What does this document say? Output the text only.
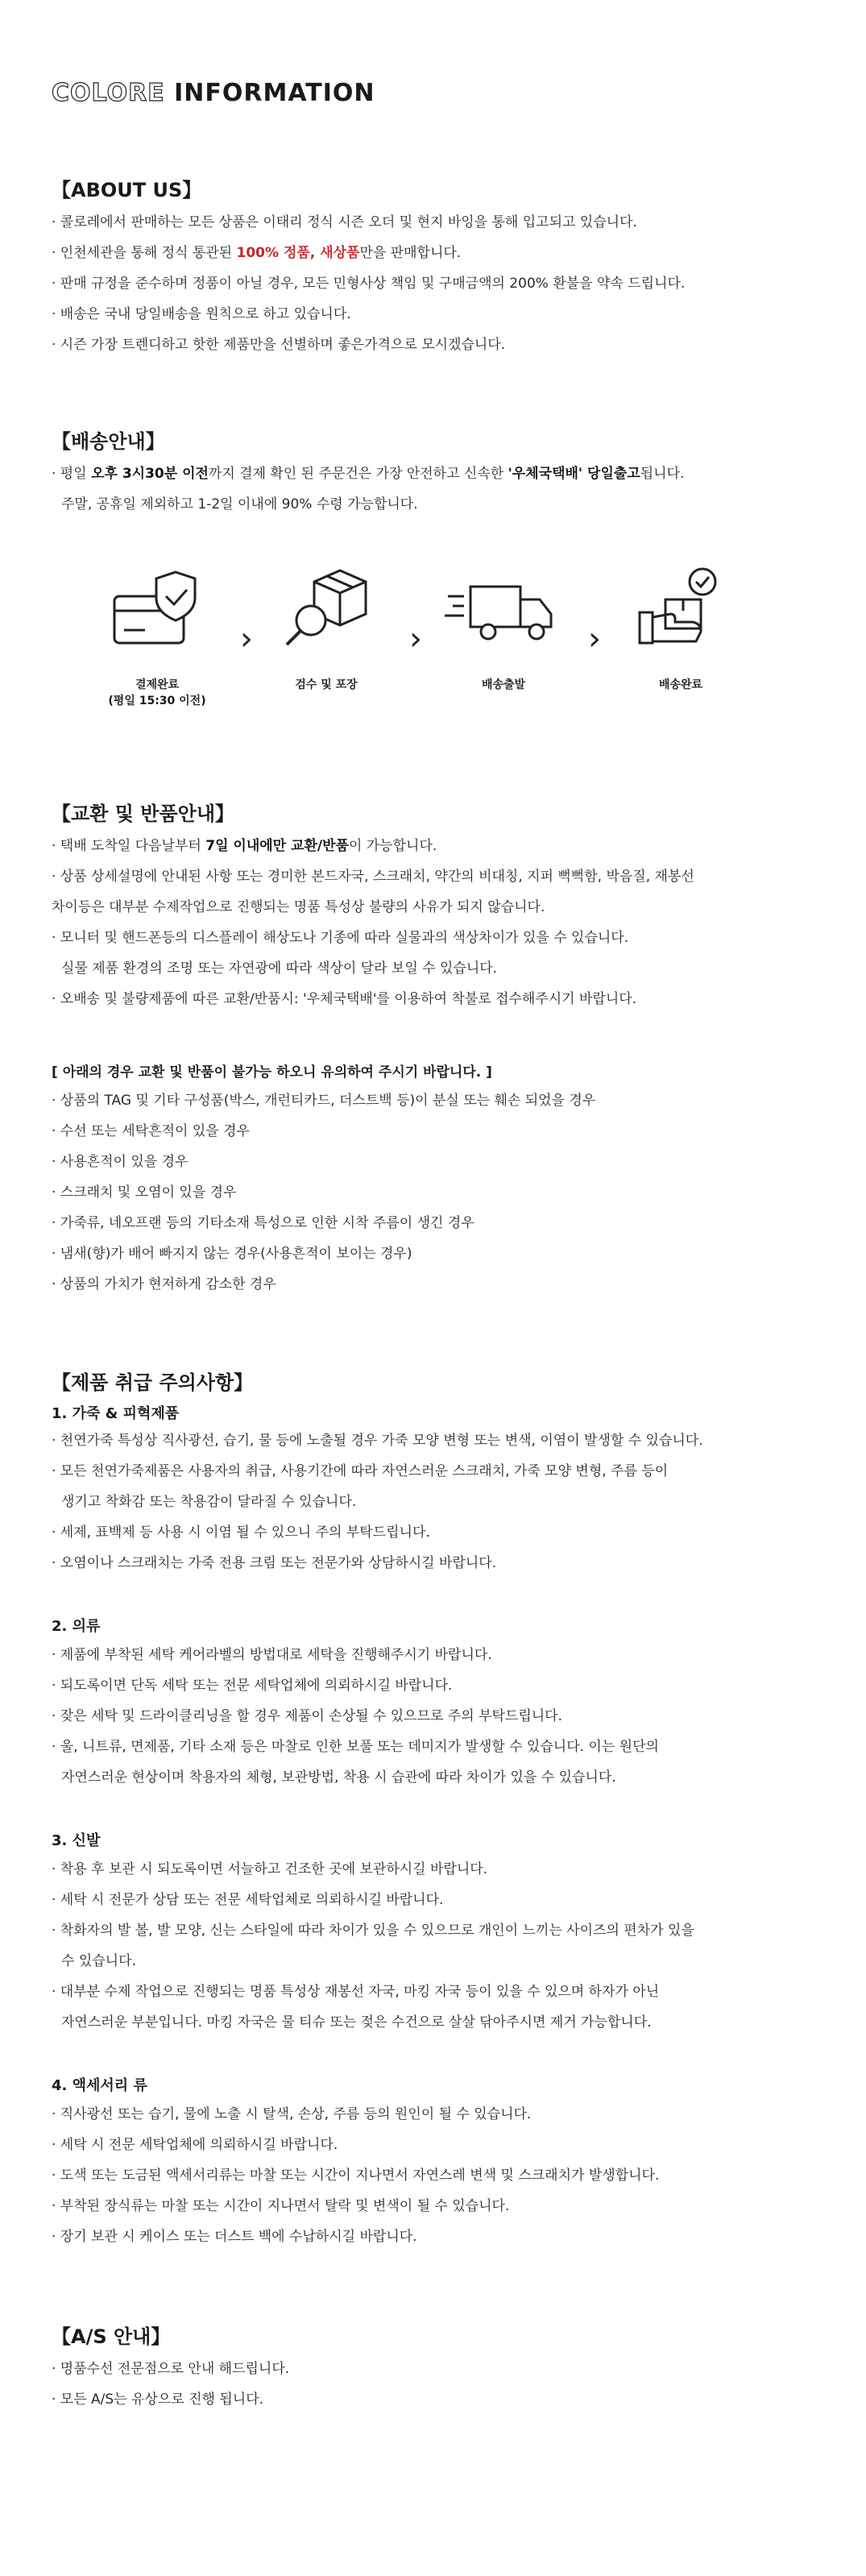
COLORE INFORMATION
【ABOUT US】
· 콜로레에서 판매하는 모든 상품은 이태리 정식 시즌 오더 및 현지 바잉을 통해 입고되고 있습니다.
· 인천세관을 통해 정식 통관된 100% 정품, 새상품만을 판매합니다.
· 판매 규정을 준수하며 정품이 아닐 경우, 모든 민형사상 책임 및 구매금액의 200% 환불을 약속 드립니다.
· 배송은 국내 당일배송을 원칙으로 하고 있습니다.
· 시즌 가장 트렌디하고 핫한 제품만을 선별하며 좋은가격으로 모시겠습니다.
【배송안내】
· 평일 오후 3시30분 이전까지 결제 확인 된 주문건은 가장 안전하고 신속한 '우체국택배' 당일출고됩니다.
주말, 공휴일 제외하고 1-2일 이내에 90% 수령 가능합니다.
결제완료
(평일 15:30 이전)
›
검수 및 포장
›
배송출발
›
배송완료
【교환 및 반품안내】
· 택배 도착일 다음날부터 7일 이내에만 교환/반품이 가능합니다.
· 상품 상세설명에 안내된 사항 또는 경미한 본드자국, 스크래치, 약간의 비대칭, 지퍼 뻑뻑함, 박음질, 재봉선
차이등은 대부분 수제작업으로 진행되는 명품 특성상 불량의 사유가 되지 않습니다.
· 모니터 및 핸드폰등의 디스플레이 해상도나 기종에 따라 실물과의 색상차이가 있을 수 있습니다.
실물 제품 환경의 조명 또는 자연광에 따라 색상이 달라 보일 수 있습니다.
· 오배송 및 불량제품에 따른 교환/반품시: '우체국택배'를 이용하여 착불로 접수해주시기 바랍니다.
[ 아래의 경우 교환 및 반품이 불가능 하오니 유의하여 주시기 바랍니다. ]
· 상품의 TAG 및 기타 구성품(박스, 개런티카드, 더스트백 등)이 분실 또는 훼손 되었을 경우
· 수선 또는 세탁흔적이 있을 경우
· 사용흔적이 있을 경우
· 스크래치 및 오염이 있을 경우
· 가죽류, 네오프랜 등의 기타소재 특성으로 인한 시착 주름이 생긴 경우
· 냄새(향)가 배어 빠지지 않는 경우(사용흔적이 보이는 경우)
· 상품의 가치가 현저하게 감소한 경우
【제품 취급 주의사항】
1. 가죽 & 피혁제품
· 천연가죽 특성상 직사광선, 습기, 물 등에 노출될 경우 가죽 모양 변형 또는 변색, 이염이 발생할 수 있습니다.
· 모든 천연가죽제품은 사용자의 취급, 사용기간에 따라 자연스러운 스크래치, 가죽 모양 변형, 주름 등이
생기고 착화감 또는 착용감이 달라질 수 있습니다.
· 세제, 표백제 등 사용 시 이염 될 수 있으니 주의 부탁드립니다.
· 오염이나 스크래치는 가죽 전용 크림 또는 전문가와 상담하시길 바랍니다.
2. 의류
· 제품에 부착된 세탁 케어라벨의 방법대로 세탁을 진행해주시기 바랍니다.
· 되도록이면 단독 세탁 또는 전문 세탁업체에 의뢰하시길 바랍니다.
· 잦은 세탁 및 드라이클리닝을 할 경우 제품이 손상될 수 있으므로 주의 부탁드립니다.
· 울, 니트류, 면제품, 기타 소재 등은 마찰로 인한 보풀 또는 데미지가 발생할 수 있습니다. 이는 원단의
자연스러운 현상이며 착용자의 체형, 보관방법, 착용 시 습관에 따라 차이가 있을 수 있습니다.
3. 신발
· 착용 후 보관 시 되도록이면 서늘하고 건조한 곳에 보관하시길 바랍니다.
· 세탁 시 전문가 상담 또는 전문 세탁업체로 의뢰하시길 바랍니다.
· 착화자의 발 볼, 발 모양, 신는 스타일에 따라 차이가 있을 수 있으므로 개인이 느끼는 사이즈의 편차가 있을
수 있습니다.
· 대부분 수제 작업으로 진행되는 명품 특성상 재봉선 자국, 마킹 자국 등이 있을 수 있으며 하자가 아닌
자연스러운 부분입니다. 마킹 자국은 물 티슈 또는 젖은 수건으로 살살 닦아주시면 제거 가능합니다.
4. 액세서리 류
· 직사광선 또는 습기, 물에 노출 시 탈색, 손상, 주름 등의 원인이 될 수 있습니다.
· 세탁 시 전문 세탁업체에 의뢰하시길 바랍니다.
· 도색 또는 도금된 액세서리류는 마찰 또는 시간이 지나면서 자연스레 변색 및 스크래치가 발생합니다.
· 부착된 장식류는 마찰 또는 시간이 지나면서 탈락 및 변색이 될 수 있습니다.
· 장기 보관 시 케이스 또는 더스트 백에 수납하시길 바랍니다.
【A/S 안내】
· 명품수선 전문점으로 안내 해드립니다.
· 모든 A/S는 유상으로 진행 됩니다.
